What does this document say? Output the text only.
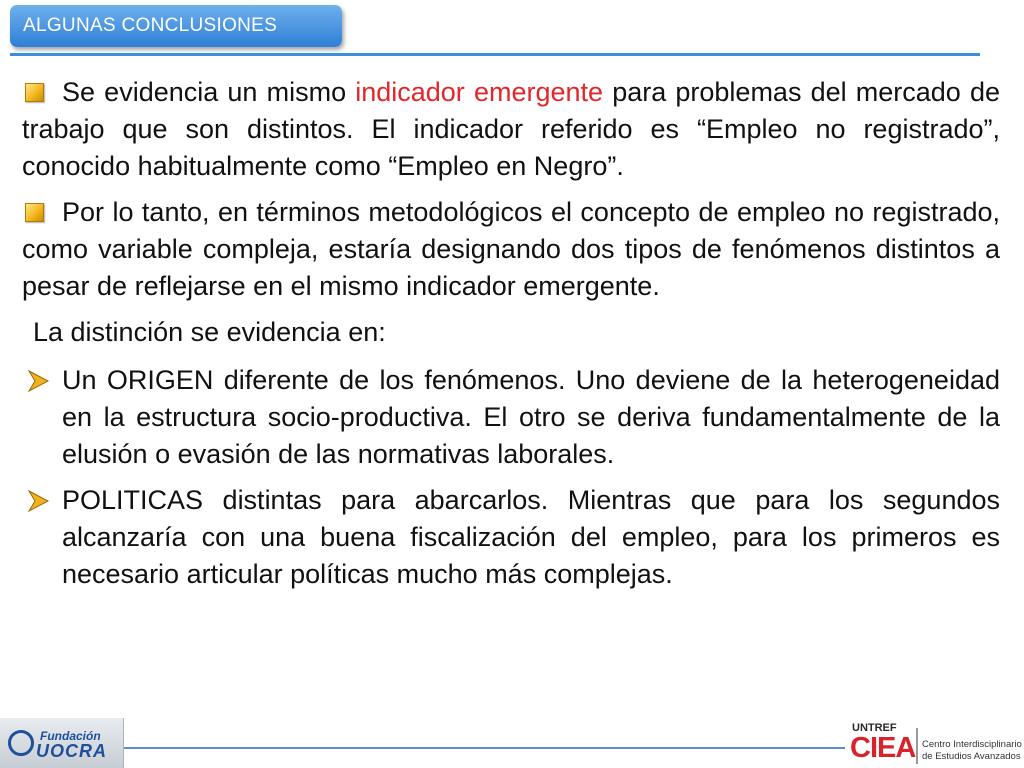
ALGUNAS CONCLUSIONES
Se evidencia un mismo indicador emergente para problemas del mercado de trabajo que son distintos. El indicador referido es “Empleo no registrado”, conocido habitualmente como “Empleo en Negro”.
Por lo tanto, en términos metodológicos el concepto de empleo no registrado, como variable compleja, estaría designando dos tipos de fenómenos distintos a pesar de reflejarse en el mismo indicador emergente.
La distinción se evidencia en:
Un ORIGEN diferente de los fenómenos. Uno deviene de la heterogeneidad en la estructura socio-productiva. El otro se deriva fundamentalmente de la elusión o evasión de las normativas laborales.
POLITICAS distintas para abarcarlos. Mientras que para los segundos alcanzaría con una buena fiscalización del empleo, para los primeros es necesario articular políticas mucho más complejas.
Fundación
UOCRA
UNTREF
CIEA Centro Interdisciplinario
de Estudios Avanzados
